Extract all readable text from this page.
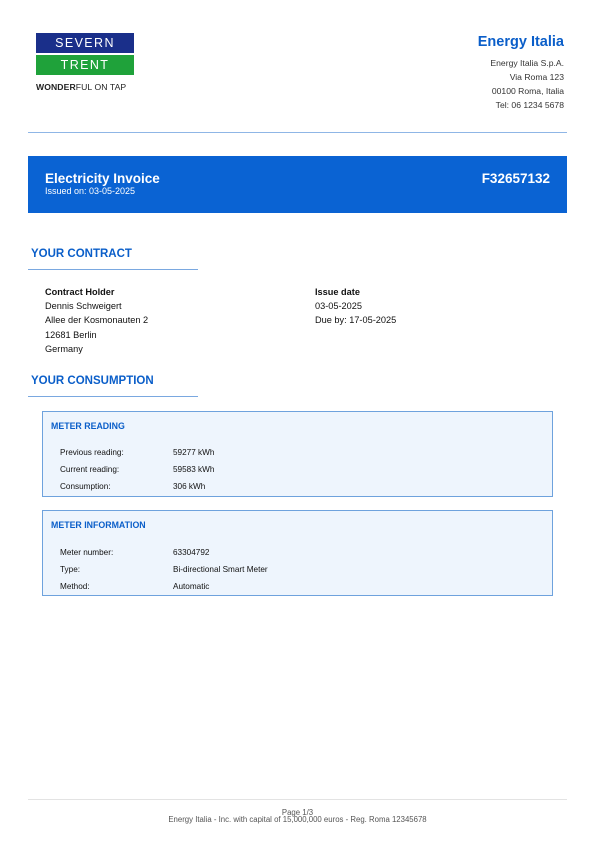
SEVERN
TRENT
WONDERFUL ON TAP
Energy Italia
Energy Italia S.p.A.
Via Roma 123
00100 Roma, Italia
Tel: 06 1234 5678
Electricity Invoice
Issued on: 03-05-2025
F32657132
YOUR CONTRACT
Contract Holder
Dennis Schweigert
Allee der Kosmonauten 2
12681 Berlin
Germany
Issue date
03-05-2025
Due by: 17-05-2025
YOUR CONSUMPTION
METER READING
Previous reading:	59277 kWh
Current reading:	59583 kWh
Consumption:	306 kWh
METER INFORMATION
Meter number:	63304792
Type:	Bi-directional Smart Meter
Method:	Automatic
Page 1/3
Energy Italia - Inc. with capital of 15,000,000 euros - Reg. Roma 12345678
